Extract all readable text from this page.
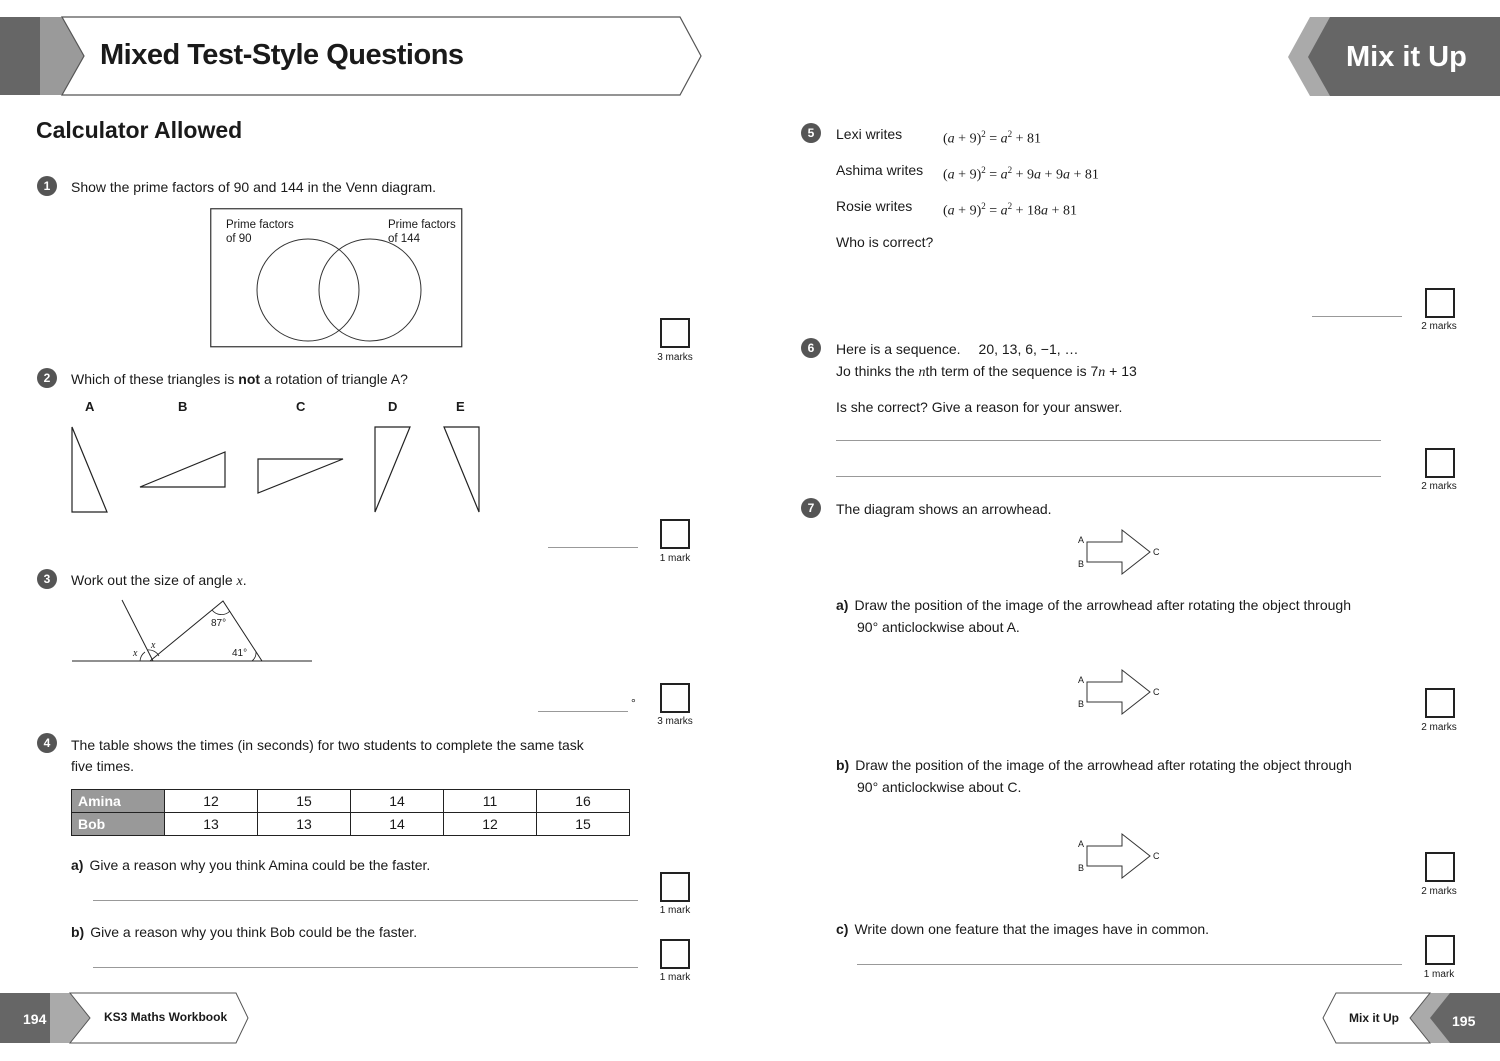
Mixed Test-Style Questions	Mix it Up
Calculator Allowed
1	Show the prime factors of 90 and 144 in the Venn diagram.
Prime factors
of 90
Prime factors
of 144
3 marks
2	Which of these triangles is not a rotation of triangle A?
A	B	C	D	E
1 mark
3	Work out the size of angle x.
87°
41°
x
x
°
3 marks
4	The table shows the times (in seconds) for two students to complete the same task
five times.
Amina	12	15	14	11	16
Bob	13	13	14	12	15
a) Give a reason why you think Amina could be the faster.
1 mark
b) Give a reason why you think Bob could be the faster.
1 mark
194	KS3 Maths Workbook
5	Lexi writes	$(a + 9)^2 = a^2 + 81$
Ashima writes $(a + 9)^2 = a^2 + 9a + 9a + 81$
Rosie writes $(a + 9)^2 = a^2 + 18a + 81$
Who is correct?
2 marks
6	Here is a sequence. 20, 13, 6, −1, …
Jo thinks the nth term of the sequence is 7n + 13
Is she correct? Give a reason for your answer.
2 marks
7	The diagram shows an arrowhead.
A
B
C
a) Draw the position of the image of the arrowhead after rotating the object through
90° anticlockwise about A.
A
B
C
2 marks
b) Draw the position of the image of the arrowhead after rotating the object through
90° anticlockwise about C.
A
B
C
2 marks
c) Write down one feature that the images have in common.
1 mark
Mix it Up	195
